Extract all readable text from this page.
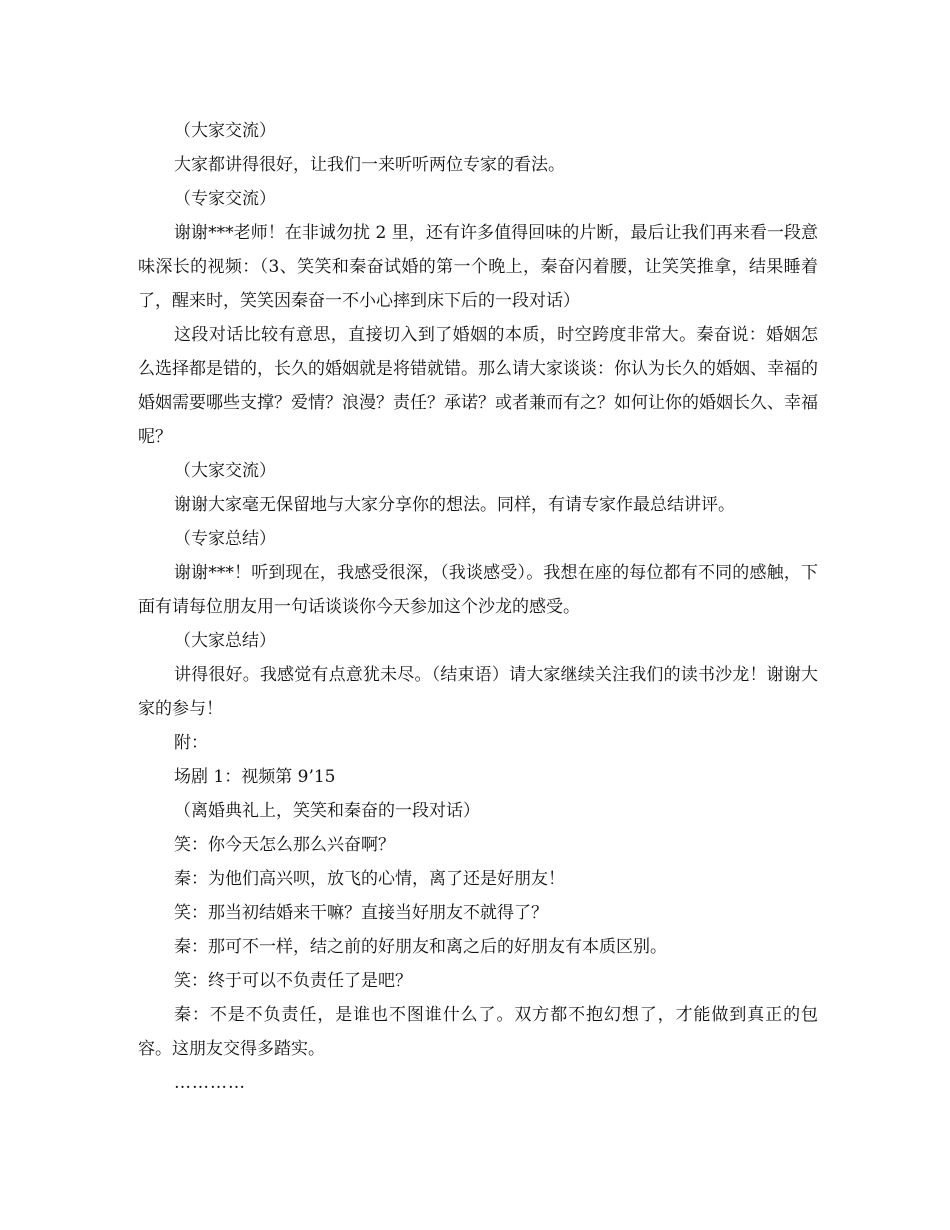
（大家交流）

大家都讲得很好，让我们一来听听两位专家的看法。

（专家交流）

谢谢***老师！在非诚勿扰 2 里，还有许多值得回味的片断，最后让我们再来看一段意味深长的视频：（3、笑笑和秦奋试婚的第一个晚上，秦奋闪着腰，让笑笑推拿，结果睡着了，醒来时，笑笑因秦奋一不小心摔到床下后的一段对话）

这段对话比较有意思，直接切入到了婚姻的本质，时空跨度非常大。秦奋说：婚姻怎么选择都是错的，长久的婚姻就是将错就错。那么请大家谈谈：你认为长久的婚姻、幸福的婚姻需要哪些支撑？爱情？浪漫？责任？承诺？或者兼而有之？如何让你的婚姻长久、幸福呢？

（大家交流）

谢谢大家毫无保留地与大家分享你的想法。同样，有请专家作最总结讲评。

（专家总结）

谢谢***！听到现在，我感受很深，（我谈感受）。我想在座的每位都有不同的感触，下面有请每位朋友用一句话谈谈你今天参加这个沙龙的感受。

（大家总结）

讲得很好。我感觉有点意犹未尽。（结束语）请大家继续关注我们的读书沙龙！谢谢大家的参与！

附：

场剧 1：视频第 9’15

（离婚典礼上，笑笑和秦奋的一段对话）

笑：你今天怎么那么兴奋啊？

秦：为他们高兴呗，放飞的心情，离了还是好朋友！

笑：那当初结婚来干嘛？直接当好朋友不就得了？

秦：那可不一样，结之前的好朋友和离之后的好朋友有本质区别。

笑：终于可以不负责任了是吧？

秦：不是不负责任，是谁也不图谁什么了。双方都不抱幻想了，才能做到真正的包容。这朋友交得多踏实。

…………
